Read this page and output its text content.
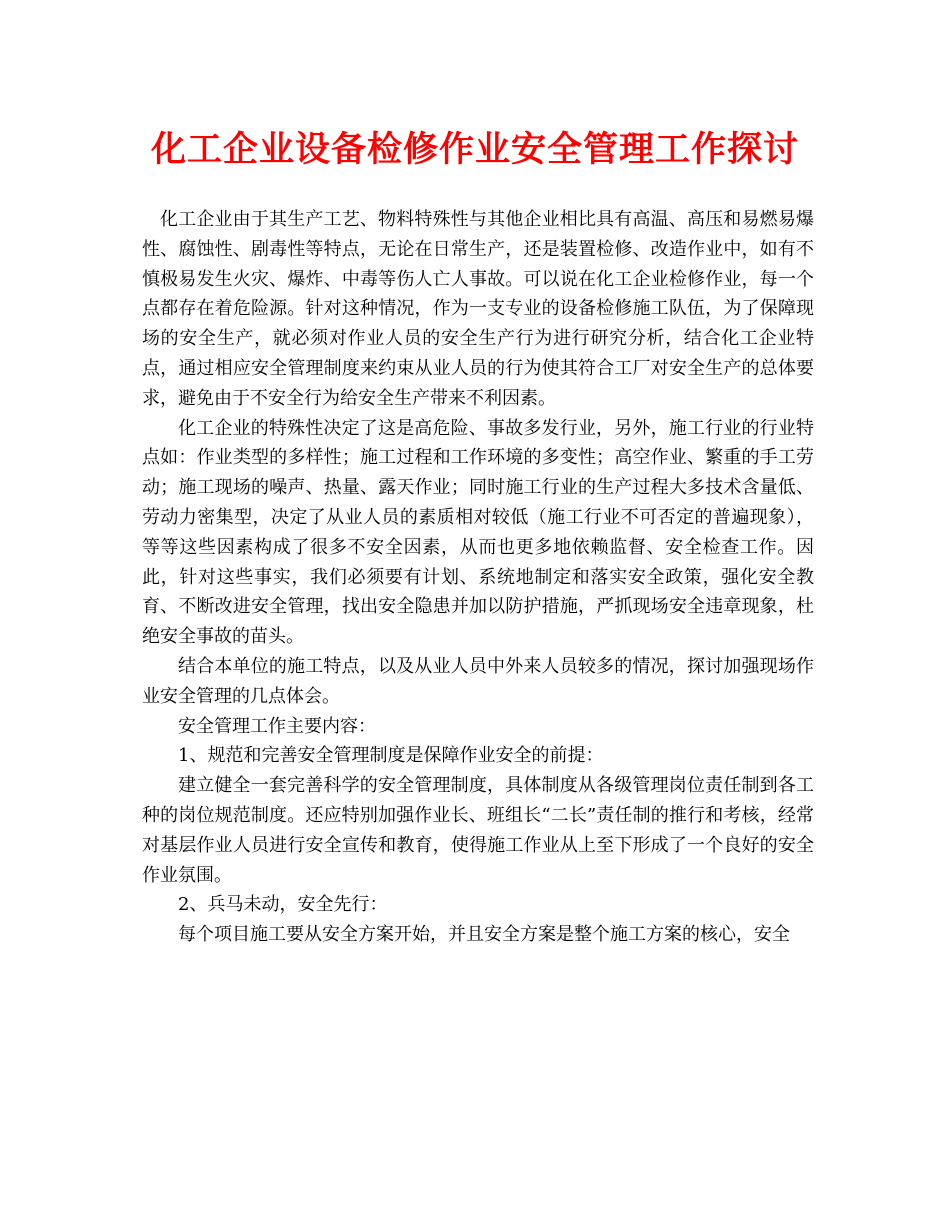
化工企业设备检修作业安全管理工作探讨

化工企业由于其生产工艺、物料特殊性与其他企业相比具有高温、高压和易燃易爆性、腐蚀性、剧毒性等特点，无论在日常生产，还是装置检修、改造作业中，如有不慎极易发生火灾、爆炸、中毒等伤人亡人事故。可以说在化工企业检修作业，每一个点都存在着危险源。针对这种情况，作为一支专业的设备检修施工队伍，为了保障现场的安全生产，就必须对作业人员的安全生产行为进行研究分析，结合化工企业特点，通过相应安全管理制度来约束从业人员的行为使其符合工厂对安全生产的总体要求，避免由于不安全行为给安全生产带来不利因素。

化工企业的特殊性决定了这是高危险、事故多发行业，另外，施工行业的行业特点如：作业类型的多样性；施工过程和工作环境的多变性；高空作业、繁重的手工劳动；施工现场的噪声、热量、露天作业；同时施工行业的生产过程大多技术含量低、劳动力密集型，决定了从业人员的素质相对较低（施工行业不可否定的普遍现象），等等这些因素构成了很多不安全因素，从而也更多地依赖监督、安全检查工作。因此，针对这些事实，我们必须要有计划、系统地制定和落实安全政策，强化安全教育、不断改进安全管理，找出安全隐患并加以防护措施，严抓现场安全违章现象，杜绝安全事故的苗头。

结合本单位的施工特点，以及从业人员中外来人员较多的情况，探讨加强现场作业安全管理的几点体会。

安全管理工作主要内容：

1、规范和完善安全管理制度是保障作业安全的前提：

建立健全一套完善科学的安全管理制度，具体制度从各级管理岗位责任制到各工种的岗位规范制度。还应特别加强作业长、班组长“二长”责任制的推行和考核，经常对基层作业人员进行安全宣传和教育，使得施工作业从上至下形成了一个良好的安全作业氛围。

2、兵马未动，安全先行：

每个项目施工要从安全方案开始，并且安全方案是整个施工方案的核心，安全
